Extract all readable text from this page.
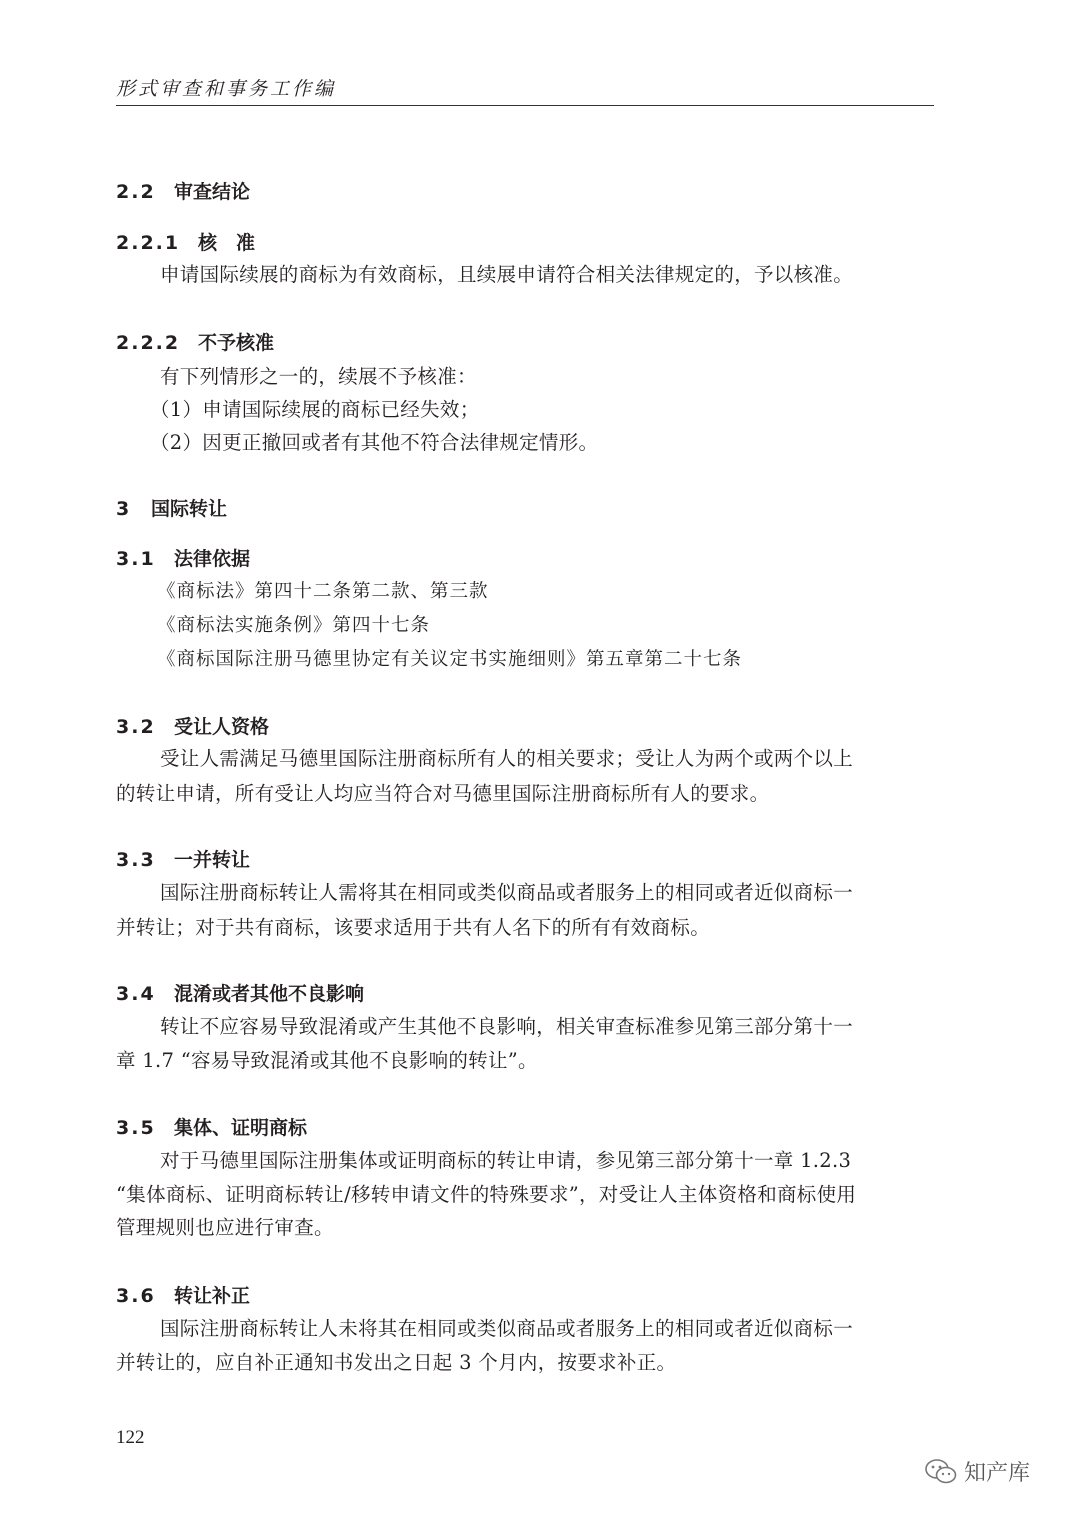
形式审查和事务工作编
2.2 审查结论
2.2.1 核　准
申请国际续展的商标为有效商标，且续展申请符合相关法律规定的，予以核准。
2.2.2 不予核准
有下列情形之一的，续展不予核准：
（1）申请国际续展的商标已经失效；
（2）因更正撤回或者有其他不符合法律规定情形。
3 国际转让
3.1 法律依据
《商标法》第四十二条第二款、第三款
《商标法实施条例》第四十七条
《商标国际注册马德里协定有关议定书实施细则》第五章第二十七条
3.2 受让人资格
受让人需满足马德里国际注册商标所有人的相关要求；受让人为两个或两个以上
的转让申请，所有受让人均应当符合对马德里国际注册商标所有人的要求。
3.3 一并转让
国际注册商标转让人需将其在相同或类似商品或者服务上的相同或者近似商标一
并转让；对于共有商标，该要求适用于共有人名下的所有有效商标。
3.4 混淆或者其他不良影响
转让不应容易导致混淆或产生其他不良影响，相关审查标准参见第三部分第十一
章 1.7 “容易导致混淆或其他不良影响的转让”。
3.5 集体、证明商标
对于马德里国际注册集体或证明商标的转让申请，参见第三部分第十一章 1.2.3
“集体商标、证明商标转让/移转申请文件的特殊要求”，对受让人主体资格和商标使用
管理规则也应进行审查。
3.6 转让补正
国际注册商标转让人未将其在相同或类似商品或者服务上的相同或者近似商标一
并转让的，应自补正通知书发出之日起 3 个月内，按要求补正。
122
知产库
